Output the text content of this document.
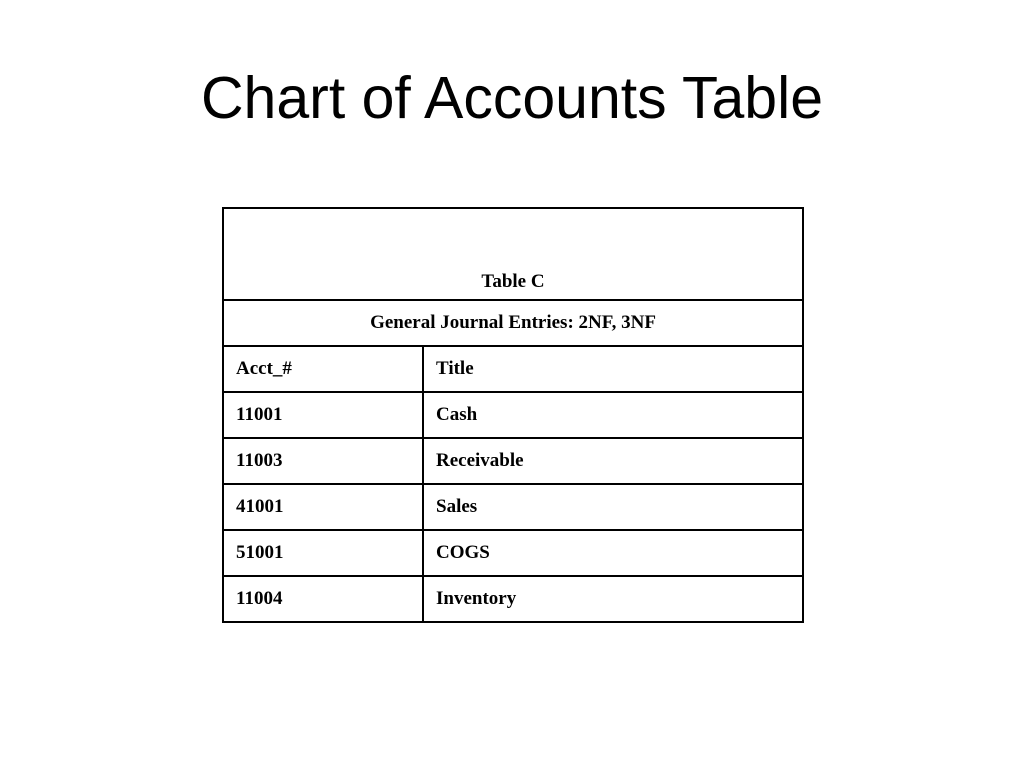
Chart of Accounts Table
Table C	
General Journal Entries: 2NF, 3NF	
Acct_#	Title
11001	Cash
11003	Receivable
41001	Sales
51001	COGS
11004	Inventory
